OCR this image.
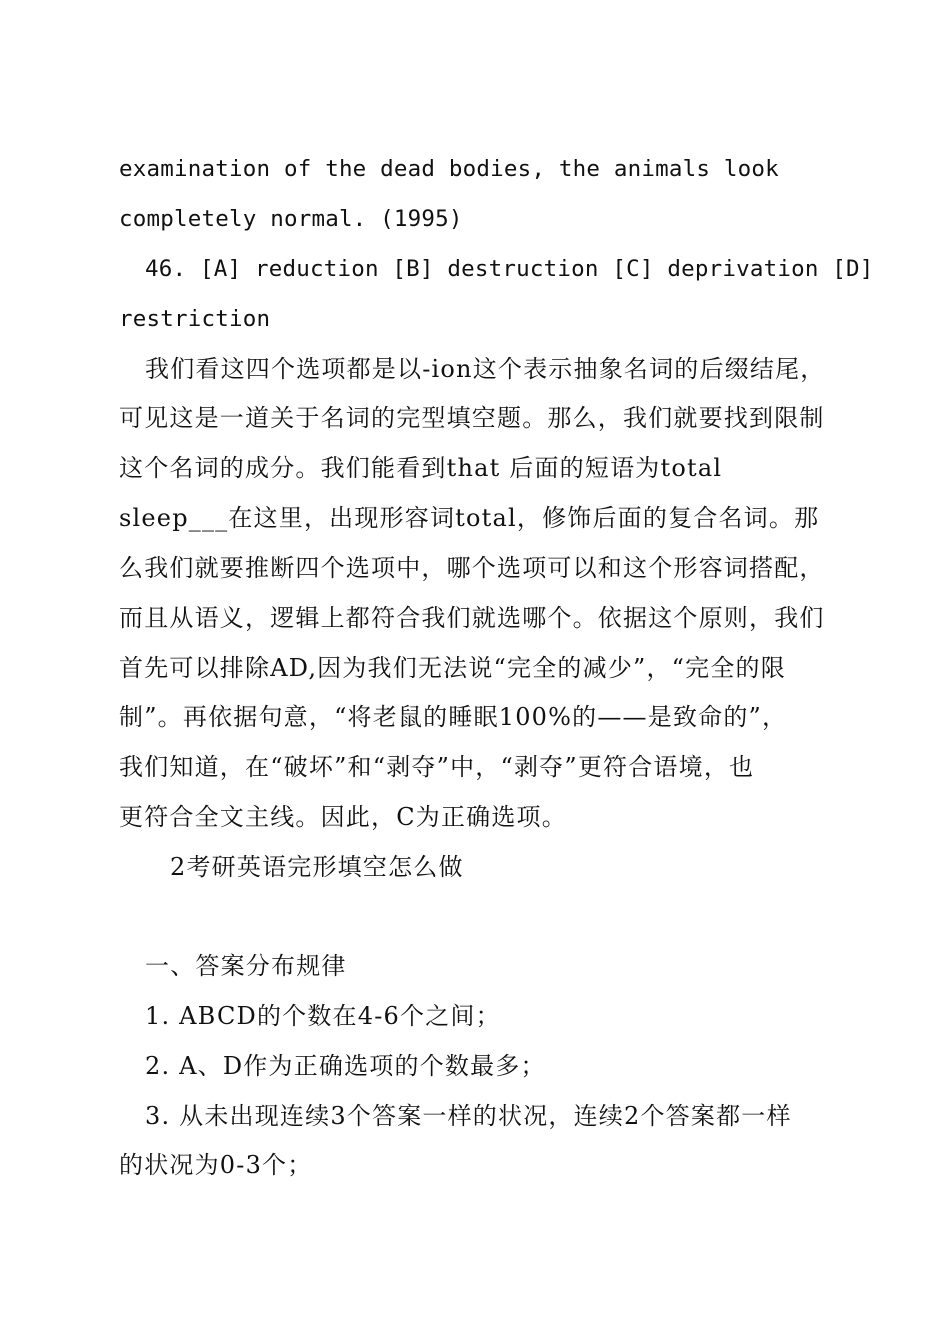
examination of the dead bodies, the animals look
completely normal. (1995)
46. [A] reduction [B] destruction [C] deprivation [D]
restriction
我们看这四个选项都是以-ion这个表示抽象名词的后缀结尾，
可见这是一道关于名词的完型填空题。那么，我们就要找到限制
这个名词的成分。我们能看到that 后面的短语为total
sleep___在这里，出现形容词total，修饰后面的复合名词。那
么我们就要推断四个选项中，哪个选项可以和这个形容词搭配，
而且从语义，逻辑上都符合我们就选哪个。依据这个原则，我们
首先可以排除AD,因为我们无法说“完全的减少”，“完全的限
制”。再依据句意，“将老鼠的睡眠100%的——是致命的”，
我们知道，在“破坏”和“剥夺”中，“剥夺”更符合语境，也
更符合全文主线。因此，C为正确选项。
2考研英语完形填空怎么做
一、答案分布规律
1. ABCD的个数在4-6个之间；
2. A、D作为正确选项的个数最多；
3. 从未出现连续3个答案一样的状况，连续2个答案都一样
的状况为0-3个；
